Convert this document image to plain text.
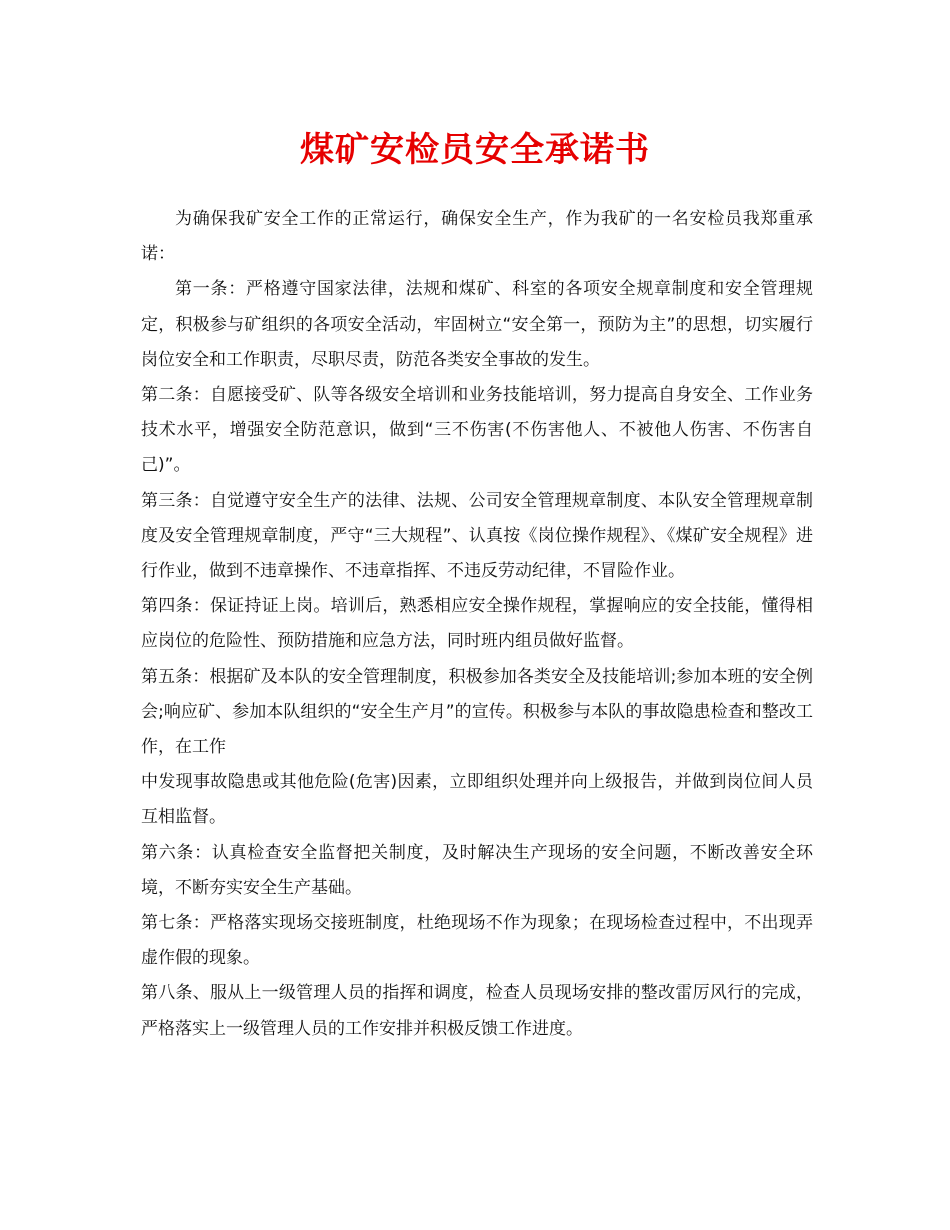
煤矿安检员安全承诺书

为确保我矿安全工作的正常运行，确保安全生产，作为我矿的一名安检员我郑重承诺：

第一条：严格遵守国家法律，法规和煤矿、科室的各项安全规章制度和安全管理规定，积极参与矿组织的各项安全活动，牢固树立“安全第一，预防为主”的思想，切实履行岗位安全和工作职责，尽职尽责，防范各类安全事故的发生。

第二条：自愿接受矿、队等各级安全培训和业务技能培训，努力提高自身安全、工作业务技术水平，增强安全防范意识，做到“三不伤害(不伤害他人、不被他人伤害、不伤害自己)”。

第三条：自觉遵守安全生产的法律、法规、公司安全管理规章制度、本队安全管理规章制度及安全管理规章制度，严守“三大规程”、认真按《岗位操作规程》、《煤矿安全规程》进行作业，做到不违章操作、不违章指挥、不违反劳动纪律，不冒险作业。

第四条：保证持证上岗。培训后，熟悉相应安全操作规程，掌握响应的安全技能，懂得相应岗位的危险性、预防措施和应急方法，同时班内组员做好监督。

第五条：根据矿及本队的安全管理制度，积极参加各类安全及技能培训;参加本班的安全例会;响应矿、参加本队组织的“安全生产月”的宣传。积极参与本队的事故隐患检查和整改工作，在工作

中发现事故隐患或其他危险(危害)因素，立即组织处理并向上级报告，并做到岗位间人员互相监督。

第六条：认真检查安全监督把关制度，及时解决生产现场的安全问题，不断改善安全环境，不断夯实安全生产基础。

第七条：严格落实现场交接班制度，杜绝现场不作为现象；在现场检查过程中，不出现弄虚作假的现象。

第八条、服从上一级管理人员的指挥和调度，检查人员现场安排的整改雷厉风行的完成，严格落实上一级管理人员的工作安排并积极反馈工作进度。
